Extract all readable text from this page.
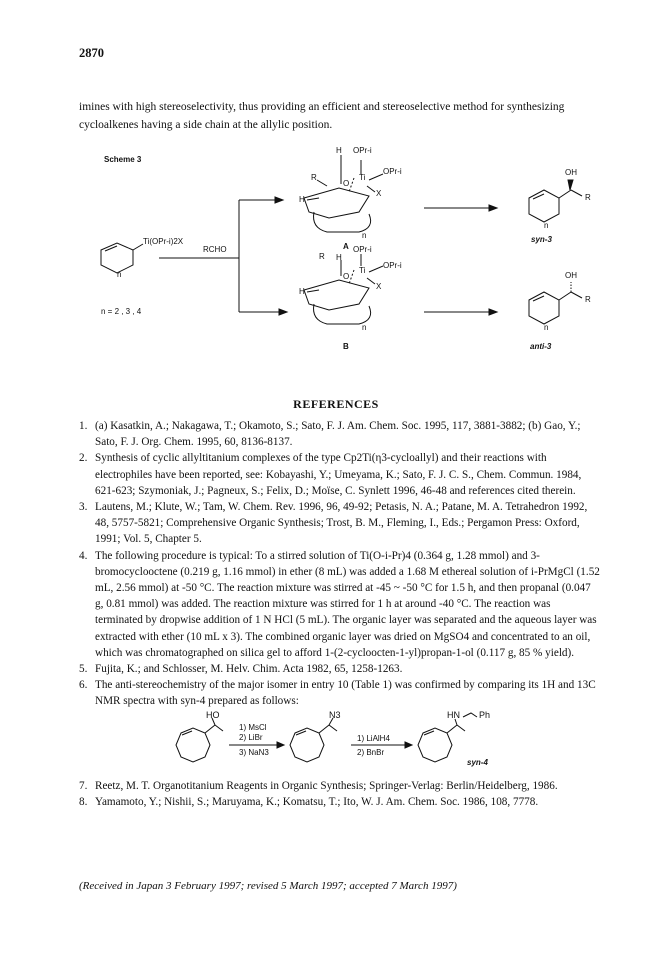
2870
imines with high stereoselectivity, thus providing an efficient and stereoselective method for synthesizing cycloalkenes having a side chain at the allylic position.
Scheme 3
Ti(OPr-i)2X
n
RCHO
n = 2 , 3 , 4
H OPr-i
OPr-i
R
O
Ti
X
H
n
A
OH
R
n
syn-3
R H
OPr-i
OPr-i
O
Ti
X
H
n
B
OH
R
n
anti-3
REFERENCES
1. (a) Kasatkin, A.; Nakagawa, T.; Okamoto, S.; Sato, F. J. Am. Chem. Soc. 1995, 117, 3881-3882; (b) Gao, Y.; Sato, F. J. Org. Chem. 1995, 60, 8136-8137.
2. Synthesis of cyclic allyltitanium complexes of the type Cp2Ti(η3-cycloallyl) and their reactions with electrophiles have been reported, see: Kobayashi, Y.; Umeyama, K.; Sato, F. J. C. S., Chem. Commun. 1984, 621-623; Szymoniak, J.; Pagneux, S.; Felix, D.; Moïse, C. Synlett 1996, 46-48 and references cited therein.
3. Lautens, M.; Klute, W.; Tam, W. Chem. Rev. 1996, 96, 49-92; Petasis, N. A.; Patane, M. A. Tetrahedron 1992, 48, 5757-5821; Comprehensive Organic Synthesis; Trost, B. M., Fleming, I., Eds.; Pergamon Press: Oxford, 1991; Vol. 5, Chapter 5.
4. The following procedure is typical: To a stirred solution of Ti(O-i-Pr)4 (0.364 g, 1.28 mmol) and 3-bromocyclooctene (0.219 g, 1.16 mmol) in ether (8 mL) was added a 1.68 M ethereal solution of i-PrMgCl (1.52 mL, 2.56 mmol) at -50 °C. The reaction mixture was stirred at -45 ~ -50 °C for 1.5 h, and then propanal (0.047 g, 0.81 mmol) was added. The reaction mixture was stirred for 1 h at around -40 °C. The reaction was terminated by dropwise addition of 1 N HCl (5 mL). The organic layer was separated and the aqueous layer was extracted with ether (10 mL x 3). The combined organic layer was dried on MgSO4 and concentrated to an oil, which was chromatographed on silica gel to afford 1-(2-cycloocten-1-yl)propan-1-ol (0.117 g, 85 % yield).
5. Fujita, K.; and Schlosser, M. Helv. Chim. Acta 1982, 65, 1258-1263.
6. The anti-stereochemistry of the major isomer in entry 10 (Table 1) was confirmed by comparing its 1H and 13C NMR spectra with syn-4 prepared as follows:
HO
1) MsCl
2) LiBr
3) NaN3
N3
1) LiAlH4
2) BnBr
HN Ph
syn-4
7. Reetz, M. T. Organotitanium Reagents in Organic Synthesis; Springer-Verlag: Berlin/Heidelberg, 1986.
8. Yamamoto, Y.; Nishii, S.; Maruyama, K.; Komatsu, T.; Ito, W. J. Am. Chem. Soc. 1986, 108, 7778.
(Received in Japan 3 February 1997; revised 5 March 1997; accepted 7 March 1997)
